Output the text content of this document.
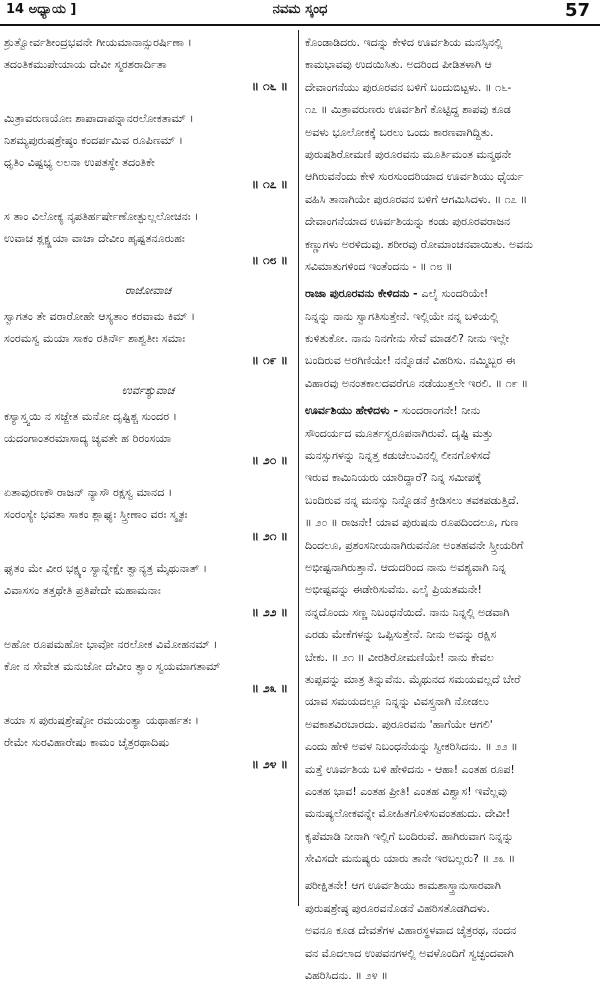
14 ಅಧ್ಯಾಯ ]	ನವಮ ಸ್ಕಂಧ	57
ಶ್ರುತ್ವೋರ್ವಶೀಂದ್ರಭವನೇ ಗೀಯಮಾನಾನ್ಸುರರ್ಷಿಣಾ ।
ತದಂತಿಕಮುಪೇಯಾಯ ದೇವೀ ಸ್ಮರಶರಾರ್ದಿತಾ
॥ ೧೬ ॥
ಮಿತ್ರಾವರುಣಯೋಃ ಶಾಪಾದಾಪನ್ನಾನರಲೋಕತಾಮ್ ।
ನಿಶಮ್ಯಪುರುಷಶ್ರೇಷ್ಠಂ ಕಂದರ್ಪಮಿವ ರೂಪಿಣಮ್ ।
ಧೃತಿಂ ವಿಷ್ಟಭ್ಯ ಲಲನಾ ಉಪತಸ್ಥೇ ತದಂತಿಕೇ
॥ ೧೭ ॥
ಸ ತಾಂ ವಿಲೋಕ್ಯ ನೃಪತಿರ್ಹರ್ಷೇಣೋತ್ಫುಲ್ಲಲೋಚನಃ ।
ಉವಾಚ ಶ್ಲಕ್ಷ್ಣಯಾ ವಾಚಾ ದೇವೀಂ ಹೃಷ್ಟತನೂರುಹಃ
॥ ೧೮ ॥
ರಾಜೋವಾಚ
ಸ್ವಾಗತಂ ತೇ ವರಾರೋಹೇ ಆಸ್ಯತಾಂ ಕರವಾಮ ಕಿಮ್ ।
ಸಂರಮಸ್ವ ಮಯಾ ಸಾಕಂ ರತಿರ್ನೌ ಶಾಶ್ವತೀಃ ಸಮಾಃ
॥ ೧೯ ॥
ಉರ್ವಶ್ಯುವಾಚ
ಕಸ್ಯಾಸ್ತ್ವಯಿ ನ ಸಜ್ಜೇತ ಮನೋ ದೃಷ್ಟಿಶ್ಚ ಸುಂದರ ।
ಯದಂಗಾಂತರಮಾಸಾದ್ಯ ಚ್ಯವತೇ ಹ ರಿರಂಸಯಾ
॥ ೨೦ ॥
ಏತಾವುರಣಕೌ ರಾಜನ್ ನ್ಯಾಸೌ ರಕ್ಷಸ್ವ ಮಾನದ ।
ಸಂರಂಸ್ಯೇ ಭವತಾ ಸಾಕಂ ಶ್ಲಾಘ್ಯಃ ಸ್ತ್ರೀಣಾಂ ವರಃ ಸ್ಮೃತಃ
॥ ೨೧ ॥
ಘೃತಂ ಮೇ ವೀರ ಭಕ್ಷ್ಯಂ ಸ್ಯಾನ್ನೇಕ್ಷೇ ತ್ವಾನ್ಯತ್ರ ಮೈಥುನಾತ್ ।
ವಿವಾಸಸಂ ತತ್ತಥೇತಿ ಪ್ರತಿಪೇದೇ ಮಹಾಮನಾಃ
॥ ೨೨ ॥
ಅಹೋ ರೂಪಮಹೋ ಭಾವೋ ನರಲೋಕ ವಿಮೋಹನಮ್ ।
ಕೋ ನ ಸೇವೇತ ಮನುಜೋ ದೇವೀಂ ತ್ವಾಂ ಸ್ವಯಮಾಗತಾಮ್
॥ ೨೩ ॥
ತಯಾ ಸ ಪುರುಷಶ್ರೇಷ್ಠೋ ರಮಯಂತ್ಯಾ ಯಥಾರ್ಹತಃ ।
ರೇಮೇ ಸುರವಿಹಾರೇಷು ಕಾಮಂ ಚೈತ್ರರಥಾದಿಷು
॥ ೨೪ ॥
ಕೊಂಡಾಡಿದರು. ಇದನ್ನು ಕೇಳಿದ ಊರ್ವಶಿಯ ಮನಸ್ಸಿನಲ್ಲಿ
ಕಾಮಭಾವವು ಉದಯಿಸಿತು. ಅದರಿಂದ ಪೀಡಿತಳಾಗಿ ಆ
ದೇವಾಂಗನೆಯು ಪುರೂರವನ ಬಳಿಗೆ ಬಂದುಬಿಟ್ಟಳು. ॥ ೧೬-
೧೭ ॥ ಮಿತ್ರಾವರುಣರು ಊರ್ವಶಿಗೆ ಕೊಟ್ಟಿದ್ದ ಶಾಪವು ಕೂಡ
ಅವಳು ಭೂಲೋಕಕ್ಕೆ ಬರಲು ಒಂದು ಕಾರಣವಾಗಿದ್ದಿತು.
ಪುರುಷಶಿರೋಮಣಿ ಪುರೂರವನು ಮೂರ್ತಿಮಂತ ಮನ್ಮಥನೇ
ಆಗಿರುವನೆಂದು ಕೇಳಿ ಸುರಸುಂದರಿಯಾದ ಊರ್ವಶಿಯು ಧೈರ್ಯ
ವಹಿಸಿ ತಾನಾಗಿಯೇ ಪುರೂರವನ ಬಳಿಗೆ ಆಗಮಿಸಿದಳು. ॥ ೧೭ ॥
ದೇವಾಂಗನೆಯಾದ ಊರ್ವಶಿಯನ್ನು ಕಂಡು ಪುರೂರವರಾಜನ
ಕಣ್ಣುಗಳು ಅರಳಿದುವು. ಶರೀರವು ರೋಮಾಂಚನವಾಯಿತು. ಅವನು
ಸವಿಮಾತುಗಳಿಂದ ಇಂತೆಂದನು - ॥ ೧೮ ॥
ರಾಜಾ ಪುರೂರವನು ಕೇಳಿದನು - ಎಲೈ ಸುಂದರಿಯೇ!
ನಿನ್ನನ್ನು ನಾನು ಸ್ವಾಗತಿಸುತ್ತೇನೆ. ಇಲ್ಲಿಯೇ ನನ್ನ ಬಳಿಯಲ್ಲಿ
ಕುಳಿತುಕೋ. ನಾನು ನಿನಗೇನು ಸೇವೆ ಮಾಡಲಿ? ನೀನು ಇಲ್ಲೇ
ಬಂದಿರುವ ಅರಗಿಣಿಯೇ! ನನ್ನೊಡನೆ ವಿಹರಿಸು. ನಮ್ಮಿಬ್ಬರ ಈ
ವಿಹಾರವು ಅನಂತಕಾಲದವರೆಗೂ ನಡೆಯುತ್ತಲೇ ಇರಲಿ. ॥ ೧೯ ॥
ಊರ್ವಶಿಯು ಹೇಳಿದಳು - ಸುಂದರಾಂಗನೇ! ನೀನು
ಸೌಂದರ್ಯದ ಮೂರ್ತಸ್ವರೂಪನಾಗಿರುವೆ. ದೃಷ್ಟಿ ಮತ್ತು
ಮನಸ್ಸುಗಳನ್ನು ನಿನ್ನತ್ತ ಕಡುಚೆಲುವಿನಲ್ಲಿ ಲೀನಗೊಳಿಸದೆ
ಇರುವ ಕಾಮಿನಿಯರು ಯಾರಿದ್ದಾರೆ? ನಿನ್ನ ಸಮೀಪಕ್ಕೆ
ಬಂದಿರುವ ನನ್ನ ಮನಸ್ಸು ನಿನ್ನೊಡನೆ ಕ್ರೀಡಿಸಲು ತವಕಪಡುತ್ತಿದೆ.
॥ ೨೦ ॥ ರಾಜನೇ! ಯಾವ ಪುರುಷನು ರೂಪದಿಂದಲೂ, ಗುಣ
ದಿಂದಲೂ, ಪ್ರಶಂಸನೀಯನಾಗಿರುವನೋ ಅಂತಹವನೇ ಸ್ತ್ರೀಯರಿಗೆ
ಅಭೀಷ್ಟನಾಗಿರುತ್ತಾನೆ. ಆದುದರಿಂದ ನಾನು ಅವಶ್ಯವಾಗಿ ನಿನ್ನ
ಅಭೀಷ್ಟವನ್ನು ಈಡೇರಿಸುವೆನು. ಎಲೈ ಪ್ರಿಯತಮನೇ!
ನನ್ನದೊಂದು ಸಣ್ಣ ನಿಬಂಧನೆಯಿದೆ. ನಾನು ನಿನ್ನಲ್ಲಿ ಅಡವಾಗಿ
ಎರಡು ಮೇಕೆಗಳನ್ನು ಒಪ್ಪಿಸುತ್ತೇನೆ. ನೀನು ಅವನ್ನು ರಕ್ಷಿಸ
ಬೇಕು. ॥ ೨೧ ॥ ವೀರಶಿರೋಮಣಿಯೇ! ನಾನು ಕೇವಲ
ತುಪ್ಪವನ್ನು ಮಾತ್ರ ತಿನ್ನುವೆನು. ಮೈಥುನದ ಸಮಯವಲ್ಲದೆ ಬೇರೆ
ಯಾವ ಸಮಯದಲ್ಲೂ ನಿನ್ನನ್ನು ವಿವಸ್ತ್ರನಾಗಿ ನೋಡಲು
ಅವಕಾಶವಿರಬಾರದು. ಪುರೂರವನು 'ಹಾಗೆಯೇ ಆಗಲಿ'
ಎಂದು ಹೇಳಿ ಅವಳ ನಿಬಂಧನೆಯನ್ನು ಸ್ವೀಕರಿಸಿದನು. ॥ ೨೨ ॥
ಮತ್ತೆ ಊರ್ವಶಿಯ ಬಳಿ ಹೇಳಿದನು - ಆಹಾ! ಎಂತಹ ರೂಪ!
ಎಂತಹ ಭಾವ! ಎಂತಹ ಪ್ರೀತಿ! ಎಂತಹ ವಿಶ್ವಾಸ! ಇವೆಲ್ಲವು
ಮನುಷ್ಯಲೋಕವನ್ನೇ ಮೋಹಿತಗೊಳಿಸುವಂತಹುದು. ದೇವೀ!
ಕೃಪೆಮಾಡಿ ನೀನಾಗಿ ಇಲ್ಲಿಗೆ ಬಂದಿರುವೆ. ಹಾಗಿರುವಾಗ ನಿನ್ನನ್ನು
ಸೇವಿಸದೇ ಮನುಷ್ಯರು ಯಾರು ತಾನೇ ಇರಬಲ್ಲರು? ॥ ೨೩ ॥
ಪರೀಕ್ಷಿತನೇ! ಆಗ ಊರ್ವಶಿಯು ಕಾಮಶಾಸ್ತ್ರಾನುಸಾರವಾಗಿ
ಪುರುಷಶ್ರೇಷ್ಠ ಪುರೂರವನೊಡನೆ ವಿಹರಿಸತೊಡಗಿದಳು.
ಅವನೂ ಕೂಡ ದೇವತೆಗಳ ವಿಹಾರಸ್ಥಳವಾದ ಚೈತ್ರರಥ, ನಂದನ
ವನ ಮೊದಲಾದ ಉಪವನಗಳಲ್ಲಿ ಅವಳೊಂದಿಗೆ ಸ್ವಚ್ಛಂದವಾಗಿ
ವಿಹರಿಸಿದನು. ॥ ೨೪ ॥
